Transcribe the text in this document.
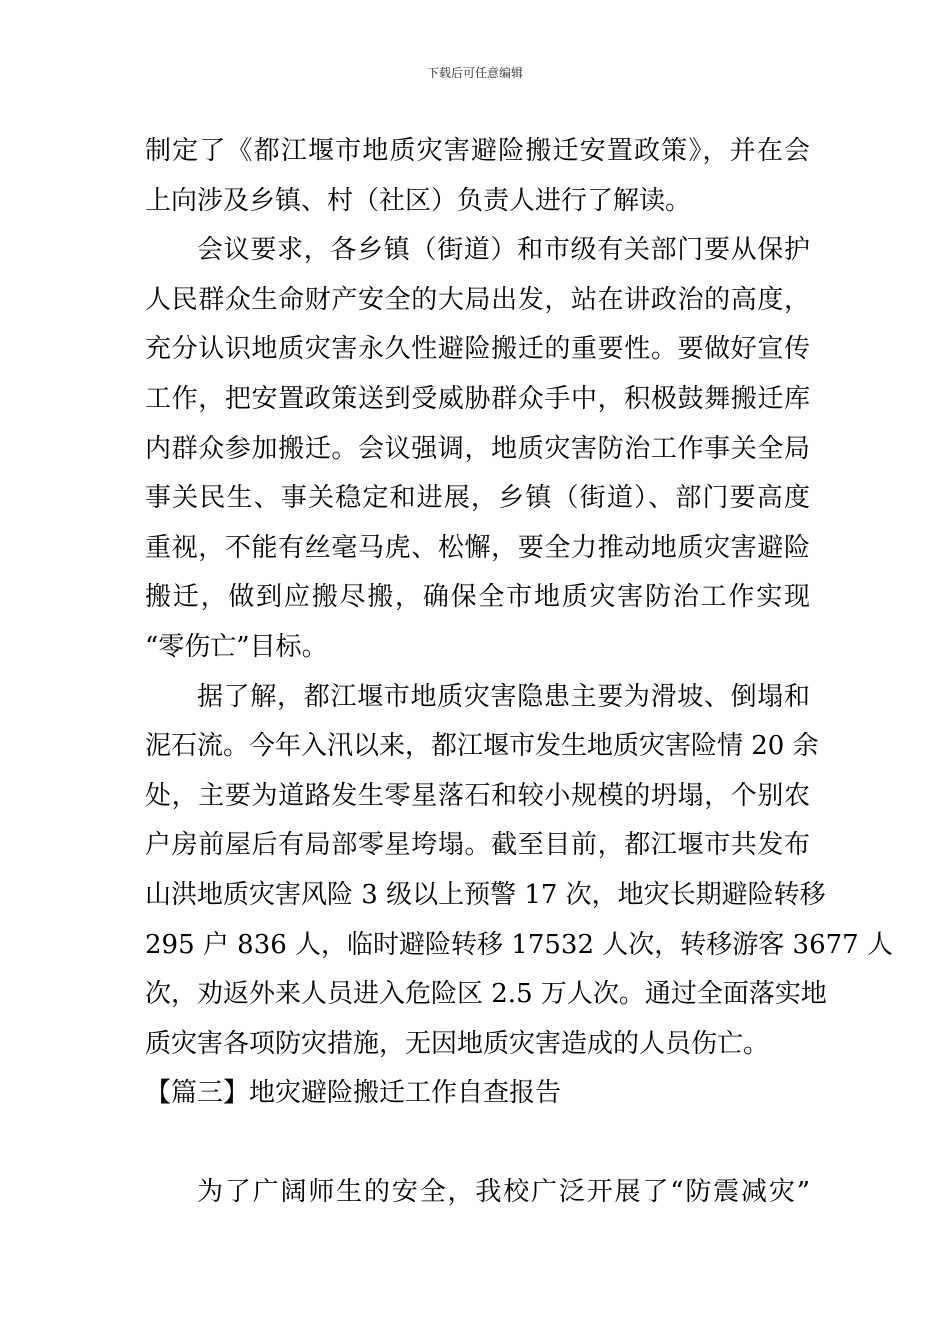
下载后可任意编辑
制定了《都江堰市地质灾害避险搬迁安置政策》，并在会
上向涉及乡镇、村（社区）负责人进行了解读。
会议要求，各乡镇（街道）和市级有关部门要从保护
人民群众生命财产安全的大局出发，站在讲政治的高度，
充分认识地质灾害永久性避险搬迁的重要性。要做好宣传
工作，把安置政策送到受威胁群众手中，积极鼓舞搬迁库
内群众参加搬迁。会议强调，地质灾害防治工作事关全局
事关民生、事关稳定和进展，乡镇（街道）、部门要高度
重视，不能有丝毫马虎、松懈，要全力推动地质灾害避险
搬迁，做到应搬尽搬，确保全市地质灾害防治工作实现
“零伤亡”目标。
据了解，都江堰市地质灾害隐患主要为滑坡、倒塌和
泥石流。今年入汛以来，都江堰市发生地质灾害险情 20 余
处，主要为道路发生零星落石和较小规模的坍塌，个别农
户房前屋后有局部零星垮塌。截至目前，都江堰市共发布
山洪地质灾害风险 3 级以上预警 17 次，地灾长期避险转移
295 户 836 人，临时避险转移 17532 人次，转移游客 3677 人
次，劝返外来人员进入危险区 2.5 万人次。通过全面落实地
质灾害各项防灾措施，无因地质灾害造成的人员伤亡。
【篇三】地灾避险搬迁工作自查报告
为了广阔师生的安全，我校广泛开展了“防震减灾”
